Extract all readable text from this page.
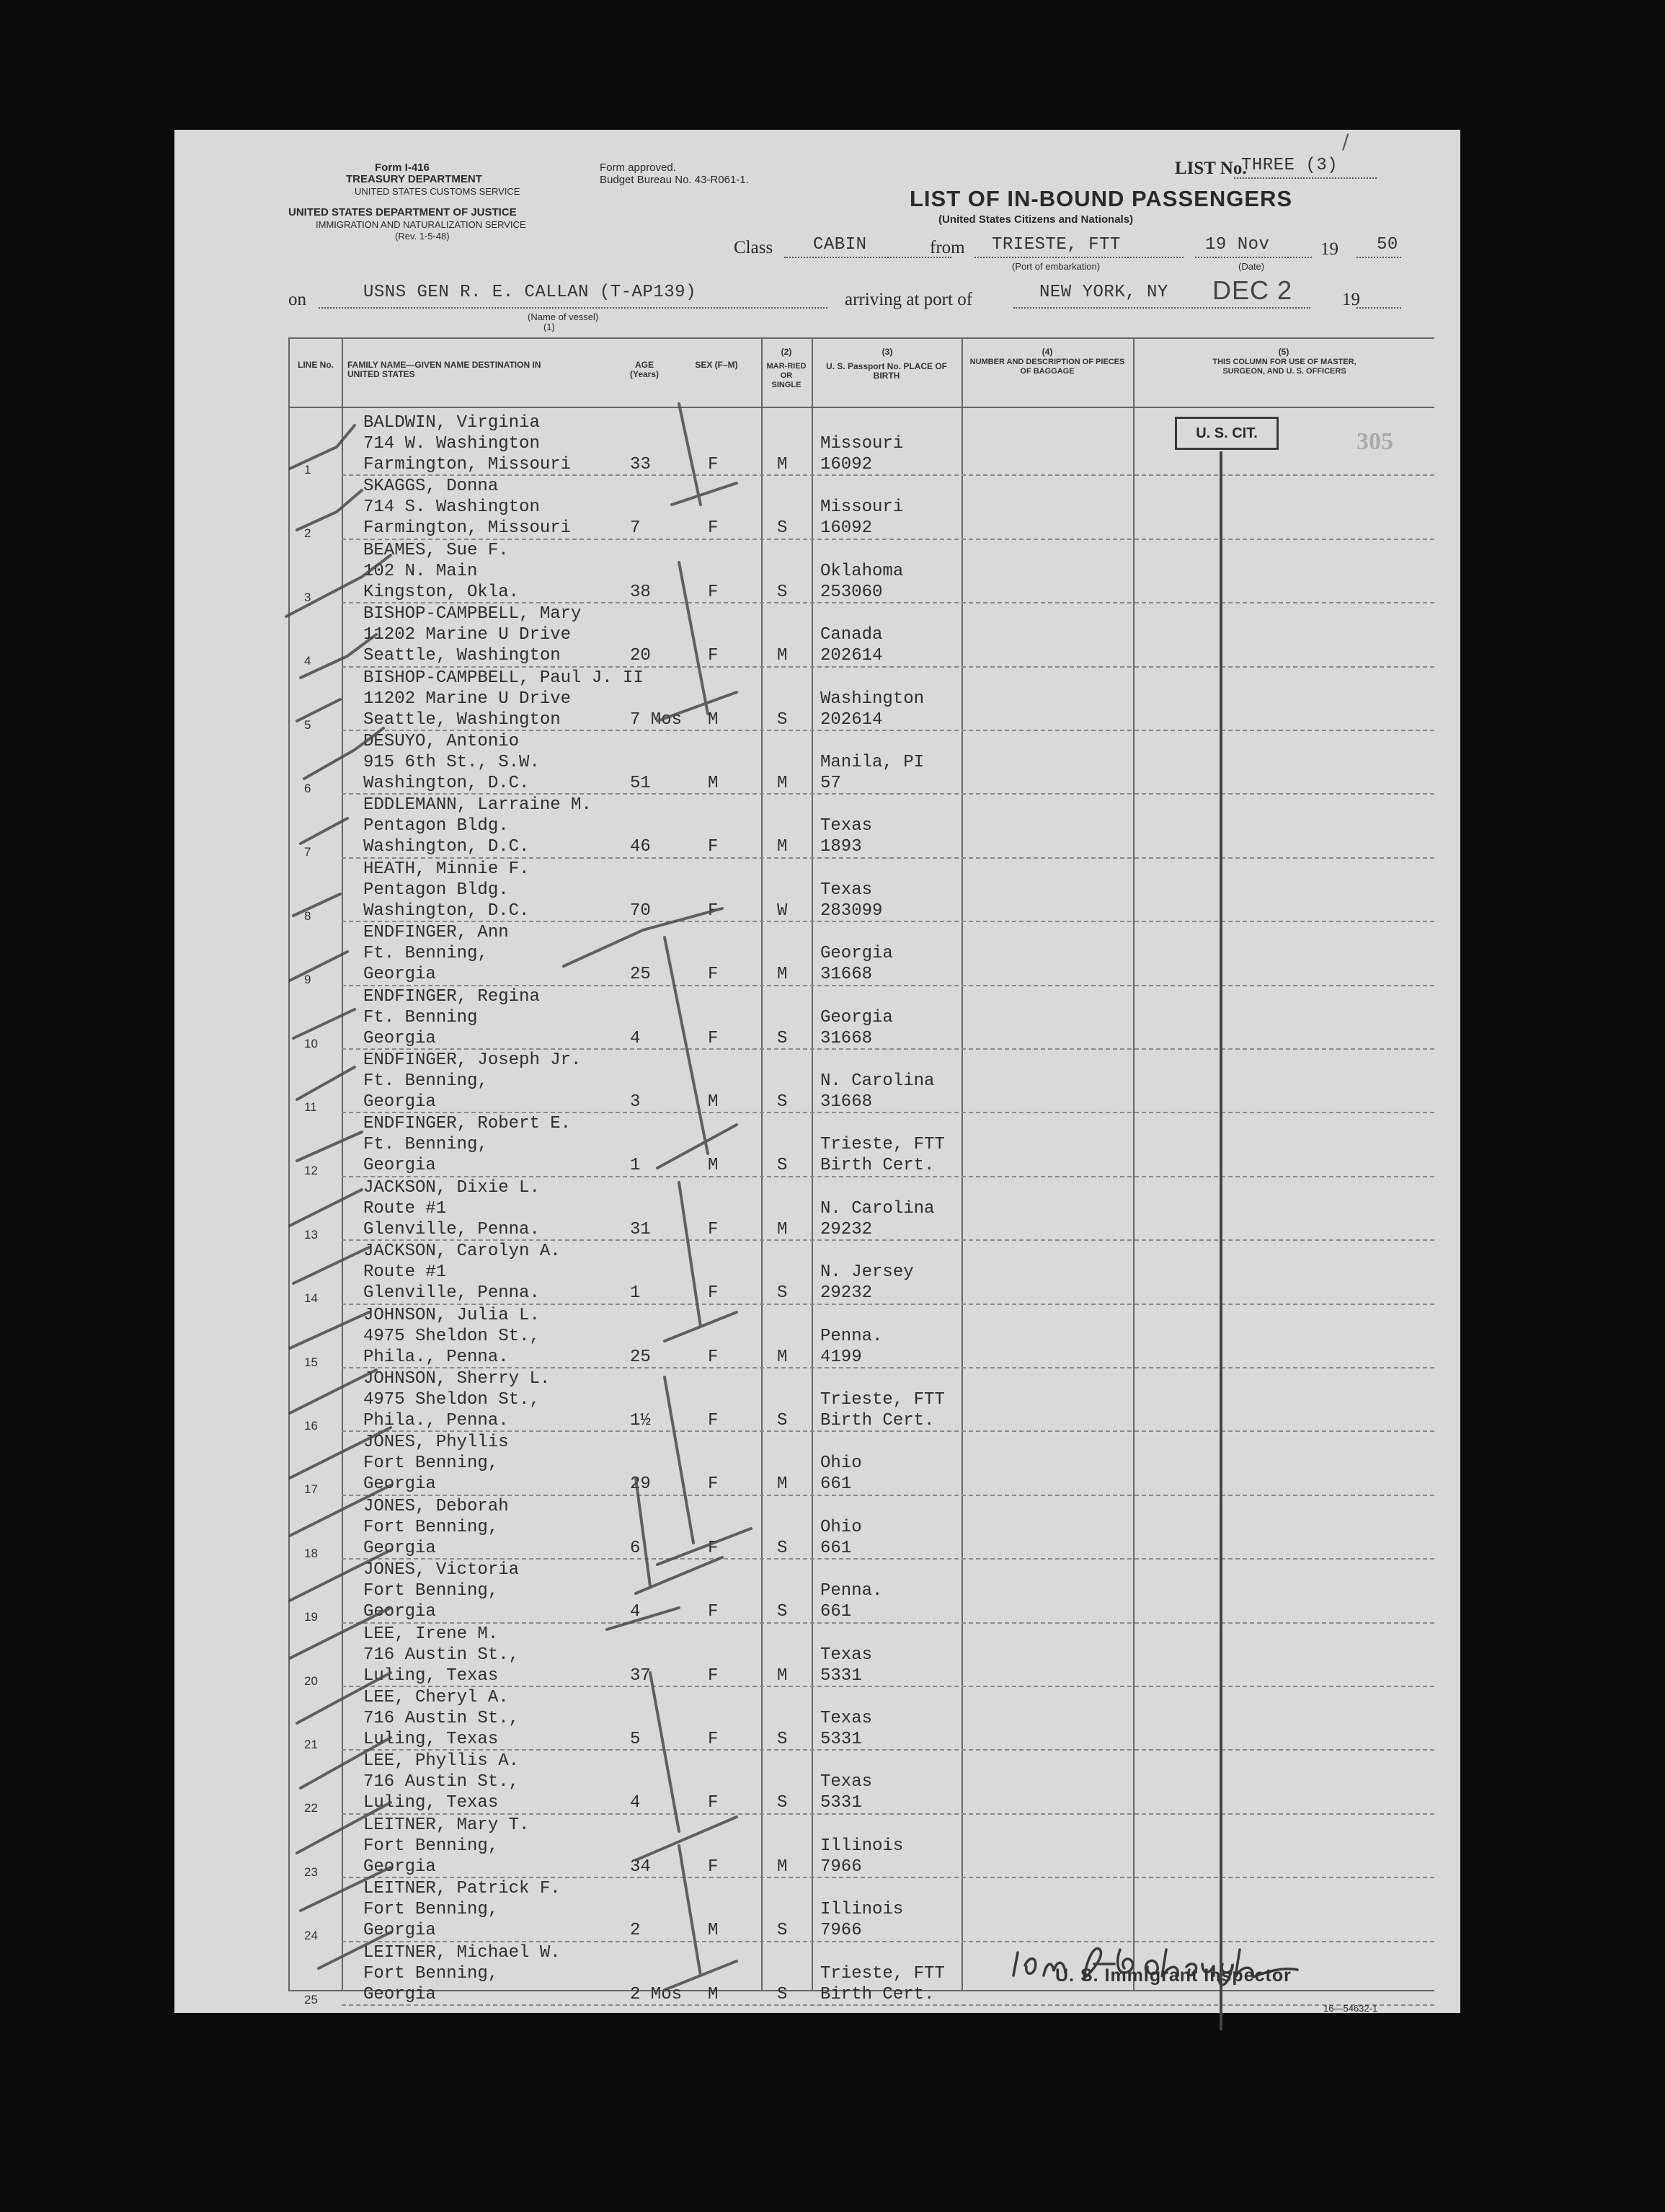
Form I-416
TREASURY DEPARTMENT
UNITED STATES CUSTOMS SERVICE
UNITED STATES DEPARTMENT OF JUSTICE
IMMIGRATION AND NATURALIZATION SERVICE
(Rev. 1-5-48)
Form approved.
Budget Bureau No. 43-R061-1.
LIST No.
THREE (3)
/
LIST OF IN-BOUND PASSENGERS
(United States Citizens and Nationals)
Class CABIN	from TRIESTE, FTT
(Port of embarkation)
19 Nov
(Date)
19 50
on	USNS GEN R. E. CALLAN (T-AP139)
(Name of vessel)
(1)
arriving at port of	NEW YORK, NY DEC 2	19
LINE No.	FAMILY NAME—GIVEN NAME DESTINATION IN UNITED STATES
AGE (Years)
SEX (F–M)
(2)
MAR-RIED OR SINGLE
(3)
U. S. Passport No. PLACE OF BIRTH
(4)
NUMBER AND DESCRIPTION OF PIECES OF BAGGAGE
(5)
THIS COLUMN FOR USE OF MASTER, SURGEON, AND U. S. OFFICERS
1
BALDWIN, Virginia
714 W. Washington
Farmington, Missouri	33	F	M
Missouri
16092
2
SKAGGS, Donna
714 S. Washington
Farmington, Missouri	7	F	S
Missouri
16092
3
BEAMES, Sue F.
102 N. Main
Kingston, Okla.	38	F	S
Oklahoma
253060
4
BISHOP-CAMPBELL, Mary
11202 Marine U Drive
Seattle, Washington	20	F	M
Canada
202614
5
BISHOP-CAMPBELL, Paul J. II
11202 Marine U Drive
Seattle, Washington	7 Mos M	S
Washington
202614
6
DESUYO, Antonio
915 6th St., S.W.
Washington, D.C.	51	M	M
Manila, PI
57
7
EDDLEMANN, Larraine M.
Pentagon Bldg.
Washington, D.C.	46	F	M
Texas
1893
8
HEATH, Minnie F.
Pentagon Bldg.
Washington, D.C.	70	F	W
Texas
283099
9
ENDFINGER, Ann
Ft. Benning,
Georgia	25	F	M
Georgia
31668
10
ENDFINGER, Regina
Ft. Benning
Georgia	4	F	S
Georgia
31668
11
ENDFINGER, Joseph Jr.
Ft. Benning,
Georgia	3	M	S
N. Carolina
31668
12
ENDFINGER, Robert E.
Ft. Benning,
Georgia	1	M	S
Trieste, FTT
Birth Cert.
13
JACKSON, Dixie L.
Route #1
Glenville, Penna.	31	F	M
N. Carolina
29232
14
JACKSON, Carolyn A.
Route #1
Glenville, Penna.	1	F	S
N. Jersey
29232
15
JOHNSON, Julia L.
4975 Sheldon St.,
Phila., Penna.	25	F	M
Penna.
4199
16
JOHNSON, Sherry L.
4975 Sheldon St.,
Phila., Penna.	1½	F	S
Trieste, FTT
Birth Cert.
17
JONES, Phyllis
Fort Benning,
Georgia	29	F	M
Ohio
661
18
JONES, Deborah
Fort Benning,
Georgia	6	F	S
Ohio
661
19
JONES, Victoria
Fort Benning,
Georgia	4	F	S
Penna.
661
20
LEE, Irene M.
716 Austin St.,
Luling, Texas	37	F	M
Texas
5331
21
LEE, Cheryl A.
716 Austin St.,
Luling, Texas	5	F	S
Texas
5331
22
LEE, Phyllis A.
716 Austin St.,
Luling, Texas	4	F	S
Texas
5331
23
LEITNER, Mary T.
Fort Benning,
Georgia	34	F	M
Illinois
7966
24
LEITNER, Patrick F.
Fort Benning,
Georgia	2	M	S
Illinois
7966
25
LEITNER, Michael W.
Fort Benning,
Georgia	2 Mos M	S
Trieste, FTT
Birth Cert.
U. S. CIT.	305
U. S. Immigrant Inspector
16—54632-1
